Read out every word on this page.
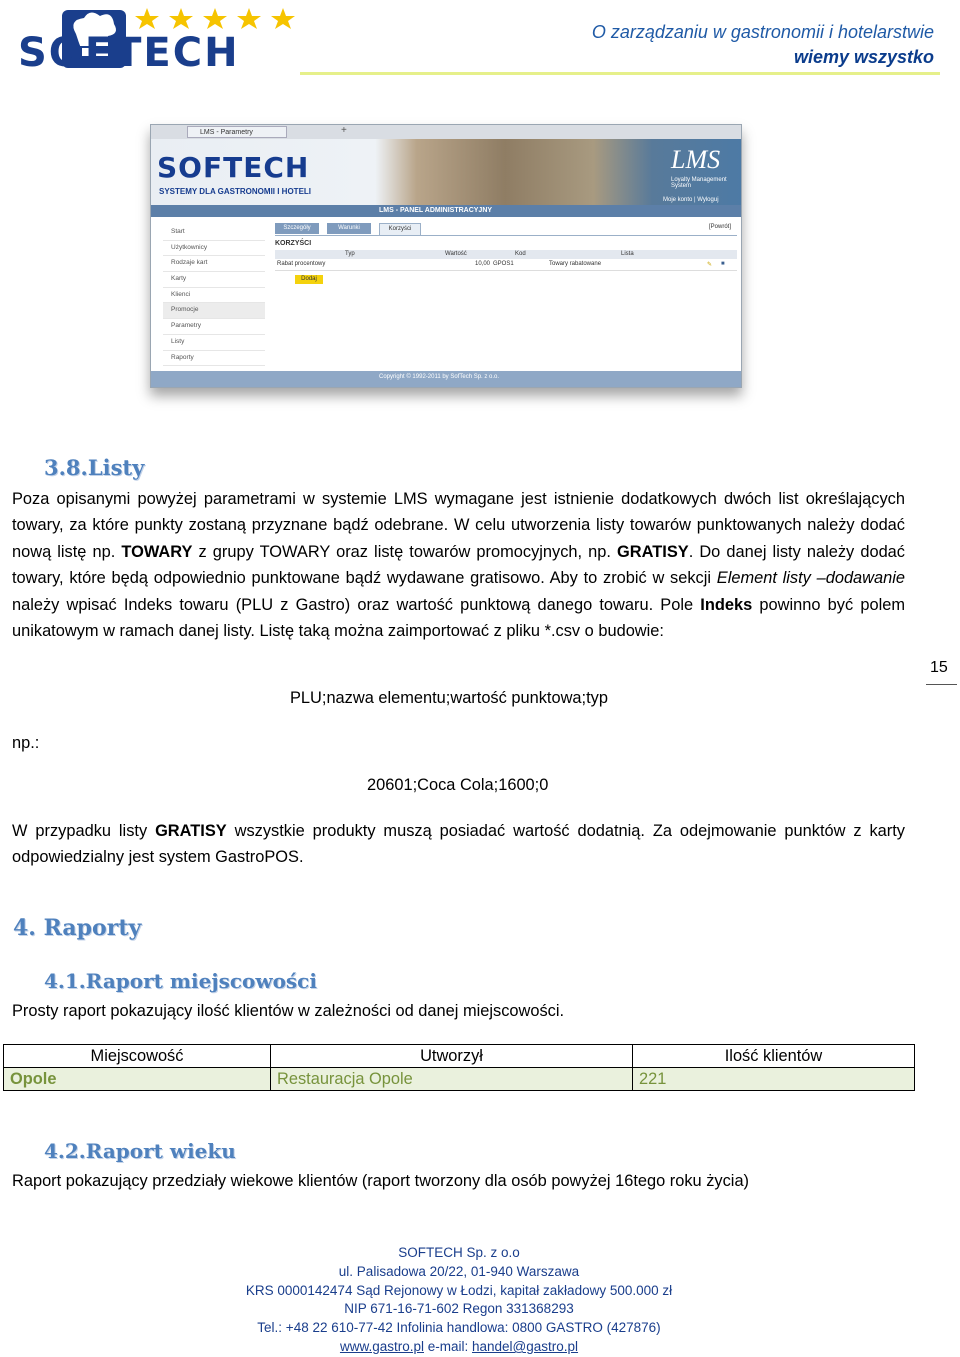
SOFTECH	O zarządzaniu w gastronomii i hotelarstwie
wiemy wszystko
LMS - Parametry	+
SOFTECH
SYSTEMY DLA GASTRONOMII I HOTELI
LMS
Loyalty Management System
Moje konto | Wyloguj
LMS - PANEL ADMINISTRACYJNY
Start
Użytkownicy
Rodzaje kart
Karty
Klienci
Promocje
Parametry
Listy
Raporty
Szczegóły	Warunki	Korzyści	[Powrót]
KORZYŚCI
Typ	Wartość	Kod	Lista
Rabat procentowy	10,00 GPOS1	Towary rabatowane	✎ ■
Dodaj
Copyright © 1992-2011 by SofTech Sp. z o.o.
3.8.Listy
Poza opisanymi powyżej parametrami w systemie LMS wymagane jest istnienie dodatkowych dwóch list określających towary, za które punkty zostaną przyznane bądź odebrane. W celu utworzenia listy towarów punktowanych należy dodać nową listę np. TOWARY z grupy TOWARY oraz listę towarów promocyjnych, np. GRATISY. Do danej listy należy dodać towary, które będą odpowiednio punktowane bądź wydawane gratisowo. Aby to zrobić w sekcji Element listy –dodawanie należy wpisać Indeks towaru (PLU z Gastro) oraz wartość punktową danego towaru. Pole Indeks powinno być polem unikatowym w ramach danej listy. Listę taką można zaimportować z pliku *.csv o budowie:
PLU;nazwa elementu;wartość punktowa;typ
np.:
20601;Coca Cola;1600;0
W przypadku listy GRATISY wszystkie produkty muszą posiadać wartość dodatnią. Za odejmowanie punktów z karty odpowiedzialny jest system GastroPOS.
15
4. Raporty
4.1.Raport miejscowości
Prosty raport pokazujący ilość klientów w zależności od danej miejscowości.
Miejscowość	Utworzył	Ilość klientów
Opole	Restauracja Opole	221
4.2.Raport wieku
Raport pokazujący przedziały wiekowe klientów (raport tworzony dla osób powyżej 16tego roku życia)
SOFTECH Sp. z o.o
ul. Palisadowa 20/22, 01-940 Warszawa
KRS 0000142474 Sąd Rejonowy w Łodzi, kapitał zakładowy 500.000 zł
NIP 671-16-71-602 Regon 331368293
Tel.: +48 22 610-77-42 Infolinia handlowa: 0800 GASTRO (427876)
www.gastro.pl e-mail: handel@gastro.pl
